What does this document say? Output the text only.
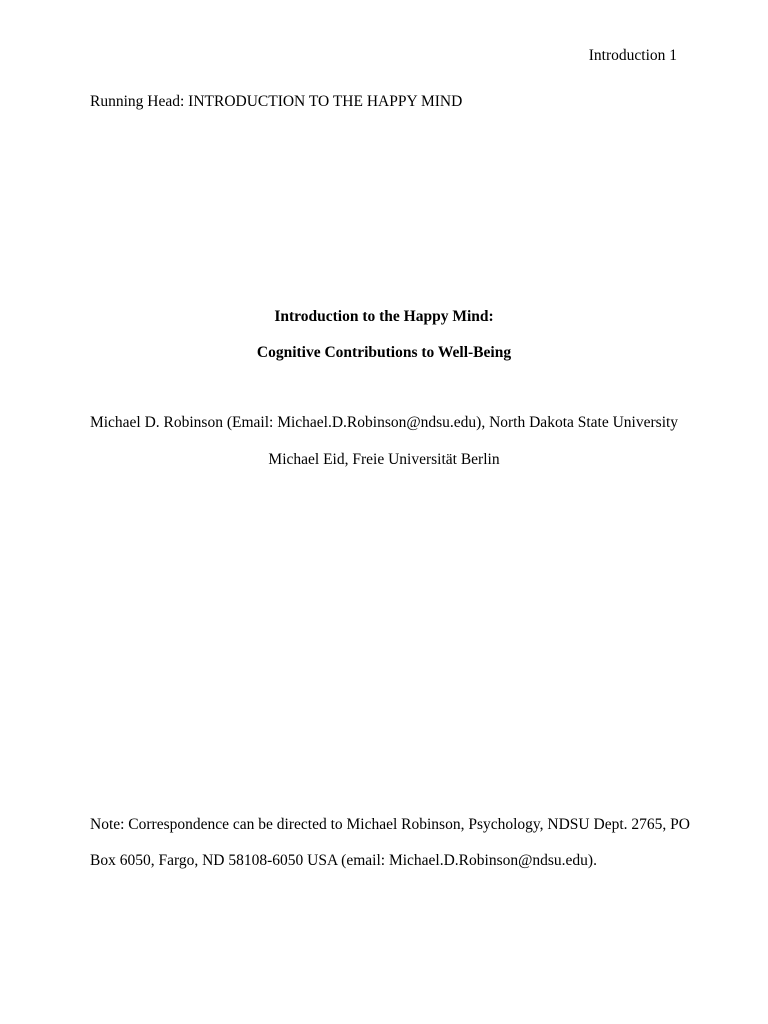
Introduction 1
Running Head: INTRODUCTION TO THE HAPPY MIND
Introduction to the Happy Mind:
Cognitive Contributions to Well-Being
Michael D. Robinson (Email: Michael.D.Robinson@ndsu.edu), North Dakota State University
Michael Eid, Freie Universität Berlin
Note: Correspondence can be directed to Michael Robinson, Psychology, NDSU Dept. 2765, PO
Box 6050, Fargo, ND 58108-6050 USA (email: Michael.D.Robinson@ndsu.edu).
